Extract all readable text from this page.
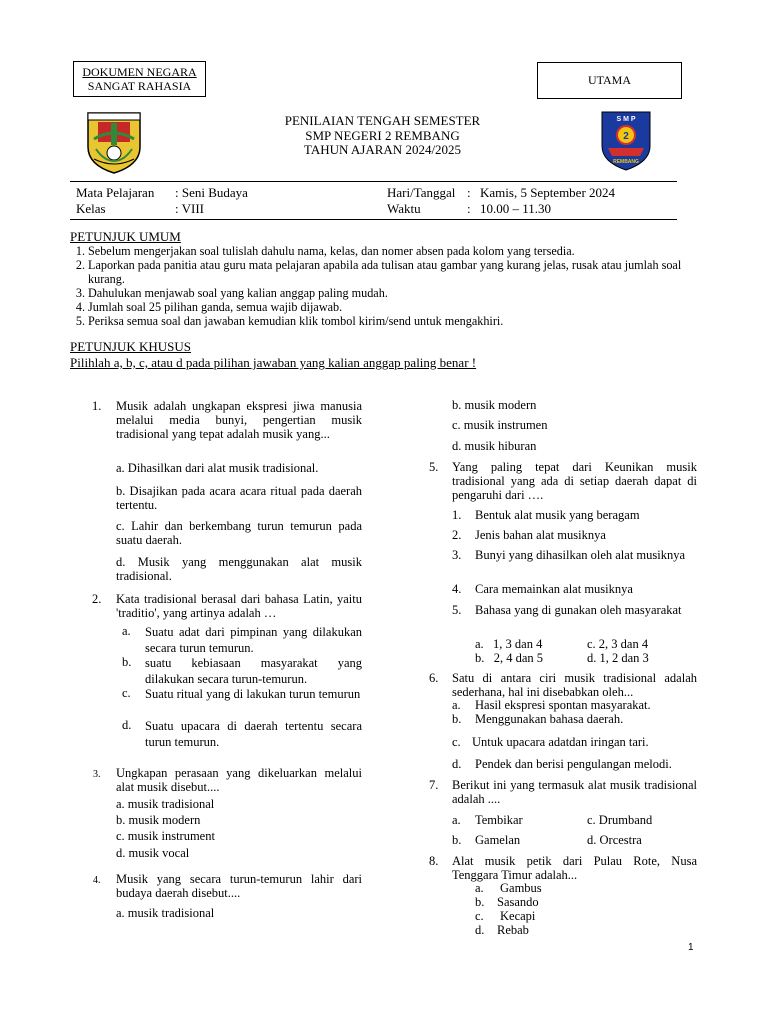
DOKUMEN NEGARA
SANGAT RAHASIA	UTAMA
PENILAIAN TENGAH SEMESTER
SMP NEGERI 2 REMBANG
TAHUN AJARAN 2024/2025
S M P
2
REMBANG
Mata Pelajaran : Seni Budaya
Kelas	: VIII
Hari/Tanggal : Kamis, 5 September 2024
Waktu	: 10.00 – 11.30
PETUNJUK UMUM
1. Sebelum mengerjakan soal tulislah dahulu nama, kelas, dan nomer absen pada kolom yang tersedia.
2. Laporkan pada panitia atau guru mata pelajaran apabila ada tulisan atau gambar yang kurang jelas, rusak atau jumlah soal kurang.
3. Dahulukan menjawab soal yang kalian anggap paling mudah.
4. Jumlah soal 25 pilihan ganda, semua wajib dijawab.
5. Periksa semua soal dan jawaban kemudian klik tombol kirim/send untuk mengakhiri.
PETUNJUK KHUSUS
Pilihlah a, b, c, atau d pada pilihan jawaban yang kalian anggap paling benar !
1.	Musik adalah ungkapan ekspresi jiwa manusia melalui media bunyi, pengertian musik tradisional yang tepat adalah musik yang...
a. Dihasilkan dari alat musik tradisional.
b. Disajikan pada acara acara ritual pada daerah tertentu.
c. Lahir dan berkembang turun temurun pada suatu daerah.
d. Musik yang menggunakan alat musik tradisional.
2.	Kata tradisional berasal dari bahasa Latin, yaitu 'traditio', yang artinya adalah …
a.	Suatu adat dari pimpinan yang dilakukan secara turun temurun.
b.	suatu kebiasaan masyarakat yang dilakukan secara turun-temurun.
c.	Suatu ritual yang di lakukan turun temurun
d.	Suatu upacara di daerah tertentu secara turun temurun.
3.	Ungkapan perasaan yang dikeluarkan melalui alat musik disebut....
a. musik tradisional
b. musik modern
c. musik instrument
d. musik vocal
4.	Musik yang secara turun-temurun lahir dari budaya daerah disebut....
a. musik tradisional
b. musik modern
c. musik instrumen
d. musik hiburan
5.	Yang paling tepat dari Keunikan musik tradisional yang ada di setiap daerah dapat di pengaruhi dari ….
1.	Bentuk alat musik yang beragam
2.	Jenis bahan alat musiknya
3.	Bunyi yang dihasilkan oleh alat musiknya
4.	Cara memainkan alat musiknya
5.	Bahasa yang di gunakan oleh masyarakat
a.   1, 3 dan 4
b.   2, 4 dan 5
c. 2, 3 dan 4
d. 1, 2 dan 3
6.	Satu di antara ciri musik tradisional adalah sederhana, hal ini disebabkan oleh...
a. Hasil ekspresi spontan masyarakat.
b. Menggunakan bahasa daerah.
c. Untuk upacara adatdan iringan tari.
d. Pendek dan berisi pengulangan melodi.
7.	Berikut ini yang termasuk alat musik tradisional adalah ....
a. Tembikar	c. Drumband
b. Gamelan	d. Orcestra
8.	Alat musik petik dari Pulau Rote, Nusa Tenggara Timur adalah...
a. Gambus
b. Sasando
c. Kecapi
d. Rebab
1
